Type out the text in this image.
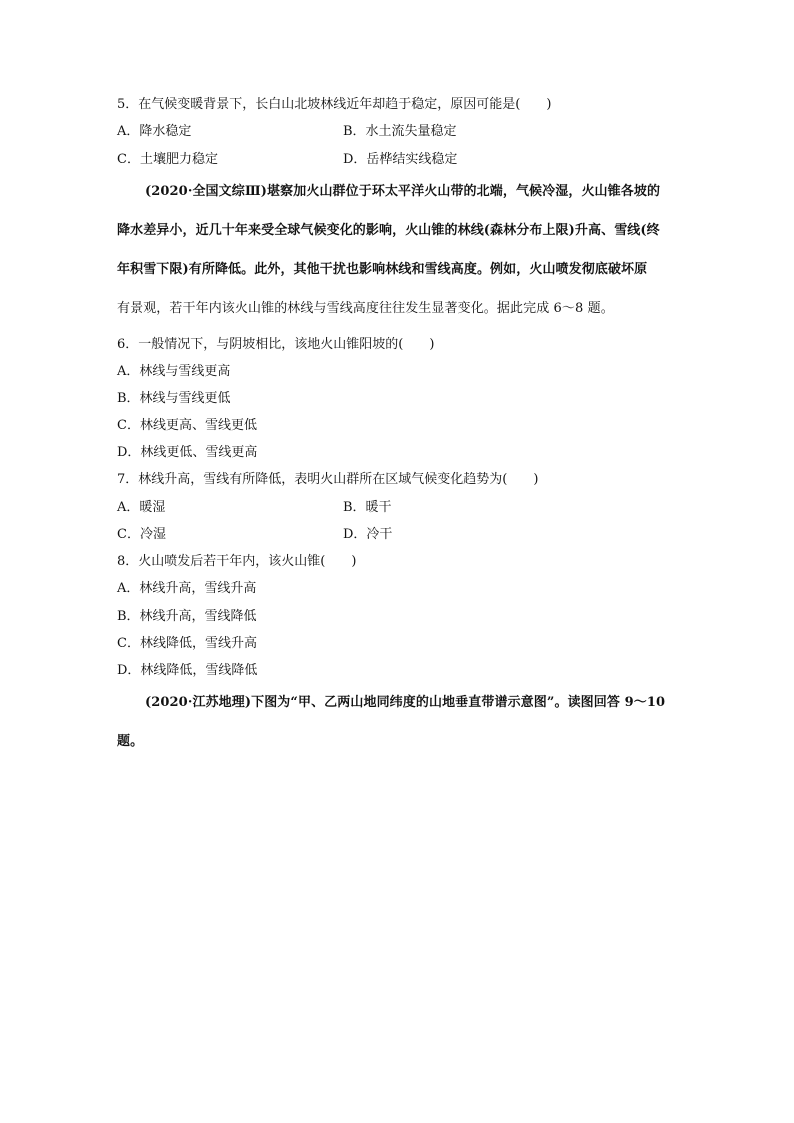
5．在气候变暖背景下，长白山北坡林线近年却趋于稳定，原因可能是(　　)
A．降水稳定	B．水土流失量稳定
C．土壤肥力稳定	D．岳桦结实线稳定
(2020·全国文综Ⅲ)堪察加火山群位于环太平洋火山带的北端，气候冷湿，火山锥各坡的
降水差异小，近几十年来受全球气候变化的影响，火山锥的林线(森林分布上限)升高、雪线(终
年积雪下限)有所降低。此外，其他干扰也影响林线和雪线高度。例如，火山喷发彻底破坏原
有景观，若干年内该火山锥的林线与雪线高度往往发生显著变化。据此完成 6～8 题。
6．一般情况下，与阴坡相比，该地火山锥阳坡的(　　)
A．林线与雪线更高
B．林线与雪线更低
C．林线更高、雪线更低
D．林线更低、雪线更高
7．林线升高，雪线有所降低，表明火山群所在区域气候变化趋势为(　　)
A．暖湿	B．暖干
C．冷湿	D．冷干
8．火山喷发后若干年内，该火山锥(　　)
A．林线升高，雪线升高
B．林线升高，雪线降低
C．林线降低，雪线升高
D．林线降低，雪线降低
(2020·江苏地理)下图为“甲、乙两山地同纬度的山地垂直带谱示意图”。读图回答 9～10
题。
